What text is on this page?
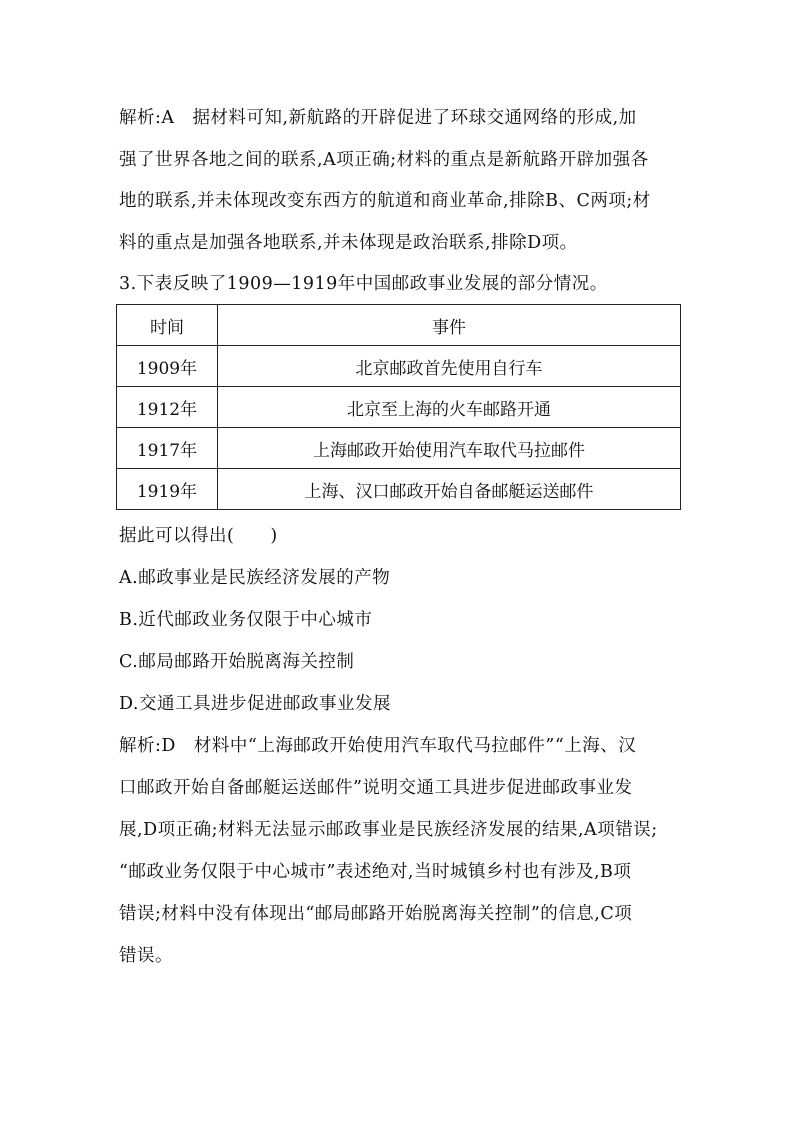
解析:A　据材料可知,新航路的开辟促进了环球交通网络的形成,加
强了世界各地之间的联系,A项正确;材料的重点是新航路开辟加强各
地的联系,并未体现改变东西方的航道和商业革命,排除B、C两项;材
料的重点是加强各地联系,并未体现是政治联系,排除D项。
3.下表反映了1909—1919年中国邮政事业发展的部分情况。
时间	事件
1909年	北京邮政首先使用自行车
1912年	北京至上海的火车邮路开通
1917年	上海邮政开始使用汽车取代马拉邮件
1919年	上海、汉口邮政开始自备邮艇运送邮件
据此可以得出(　　)
A.邮政事业是民族经济发展的产物
B.近代邮政业务仅限于中心城市
C.邮局邮路开始脱离海关控制
D.交通工具进步促进邮政事业发展
解析:D　材料中“上海邮政开始使用汽车取代马拉邮件”“上海、汉
口邮政开始自备邮艇运送邮件”说明交通工具进步促进邮政事业发
展,D项正确;材料无法显示邮政事业是民族经济发展的结果,A项错误;
“邮政业务仅限于中心城市”表述绝对,当时城镇乡村也有涉及,B项
错误;材料中没有体现出“邮局邮路开始脱离海关控制”的信息,C项
错误。
